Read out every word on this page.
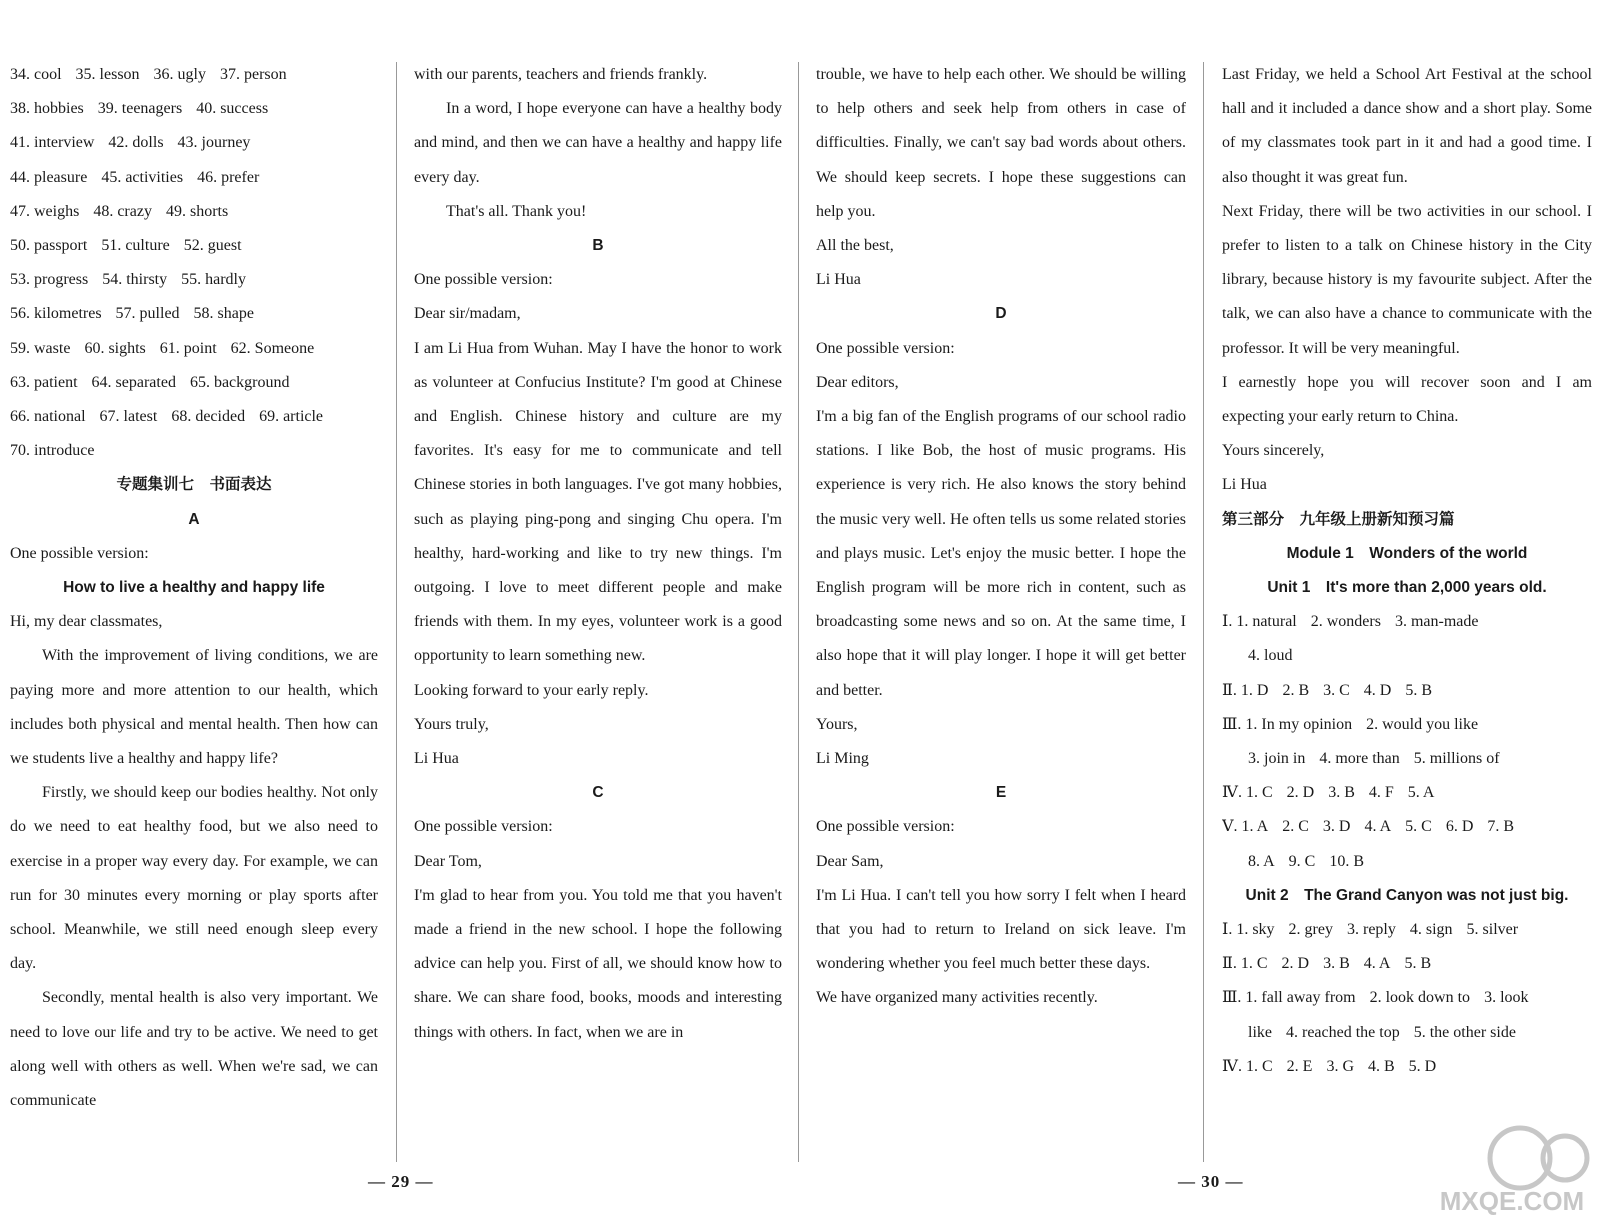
34. cool 35. lesson 36. ugly 37. person
38. hobbies 39. teenagers 40. success
41. interview 42. dolls 43. journey
44. pleasure 45. activities 46. prefer
47. weighs 48. crazy 49. shorts
50. passport 51. culture 52. guest
53. progress 54. thirsty 55. hardly
56. kilometres 57. pulled 58. shape
59. waste 60. sights 61. point 62. Someone
63. patient 64. separated 65. background
66. national 67. latest 68. decided 69. article
70. introduce
专题集训七　书面表达
A
One possible version:
How to live a healthy and happy life
Hi, my dear classmates,
With the improvement of living conditions, we are paying more and more attention to our health, which includes both physical and mental health. Then how can we students live a healthy and happy life?
Firstly, we should keep our bodies healthy. Not only do we need to eat healthy food, but we also need to exercise in a proper way every day. For example, we can run for 30 minutes every morning or play sports after school. Meanwhile, we still need enough sleep every day.
Secondly, mental health is also very important. We need to love our life and try to be active. We need to get along well with others as well. When we're sad, we can communicate
with our parents, teachers and friends frankly.
In a word, I hope everyone can have a healthy body and mind, and then we can have a healthy and happy life every day.
That's all. Thank you!
B
One possible version:
Dear sir/madam,
I am Li Hua from Wuhan. May I have the honor to work as volunteer at Confucius Institute? I'm good at Chinese and English. Chinese history and culture are my favorites. It's easy for me to communicate and tell Chinese stories in both languages. I've got many hobbies, such as playing ping-pong and singing Chu opera. I'm healthy, hard-working and like to try new things. I'm outgoing. I love to meet different people and make friends with them. In my eyes, volunteer work is a good opportunity to learn something new.
Looking forward to your early reply.
Yours truly,
Li Hua
C
One possible version:
Dear Tom,
I'm glad to hear from you. You told me that you haven't made a friend in the new school. I hope the following advice can help you. First of all, we should know how to share. We can share food, books, moods and interesting things with others. In fact, when we are in
trouble, we have to help each other. We should be willing to help others and seek help from others in case of difficulties. Finally, we can't say bad words about others. We should keep secrets. I hope these suggestions can help you.
All the best,
Li Hua
D
One possible version:
Dear editors,
I'm a big fan of the English programs of our school radio stations. I like Bob, the host of music programs. His experience is very rich. He also knows the story behind the music very well. He often tells us some related stories and plays music. Let's enjoy the music better. I hope the English program will be more rich in content, such as broadcasting some news and so on. At the same time, I also hope that it will play longer. I hope it will get better and better.
Yours,
Li Ming
E
One possible version:
Dear Sam,
I'm Li Hua. I can't tell you how sorry I felt when I heard that you had to return to Ireland on sick leave. I'm wondering whether you feel much better these days.
We have organized many activities recently.
Last Friday, we held a School Art Festival at the school hall and it included a dance show and a short play. Some of my classmates took part in it and had a good time. I also thought it was great fun.
Next Friday, there will be two activities in our school. I prefer to listen to a talk on Chinese history in the City library, because history is my favourite subject. After the talk, we can also have a chance to communicate with the professor. It will be very meaningful.
I earnestly hope you will recover soon and I am expecting your early return to China.
Yours sincerely,
Li Hua
第三部分　九年级上册新知预习篇
Module 1　Wonders of the world
Unit 1　It's more than 2,000 years old.
Ⅰ. 1. natural 2. wonders 3. man-made
4. loud
Ⅱ. 1. D 2. B 3. C 4. D 5. B
Ⅲ. 1. In my opinion 2. would you like
3. join in 4. more than 5. millions of
Ⅳ. 1. C 2. D 3. B 4. F 5. A
Ⅴ. 1. A 2. C 3. D 4. A 5. C 6. D 7. B
8. A 9. C 10. B
Unit 2　The Grand Canyon was not just big.
Ⅰ. 1. sky 2. grey 3. reply 4. sign 5. silver
Ⅱ. 1. C 2. D 3. B 4. A 5. B
Ⅲ. 1. fall away from 2. look down to 3. look
like 4. reached the top 5. the other side
Ⅳ. 1. C 2. E 3. G 4. B 5. D
— 29 —	— 30 —
MXQE.COM
